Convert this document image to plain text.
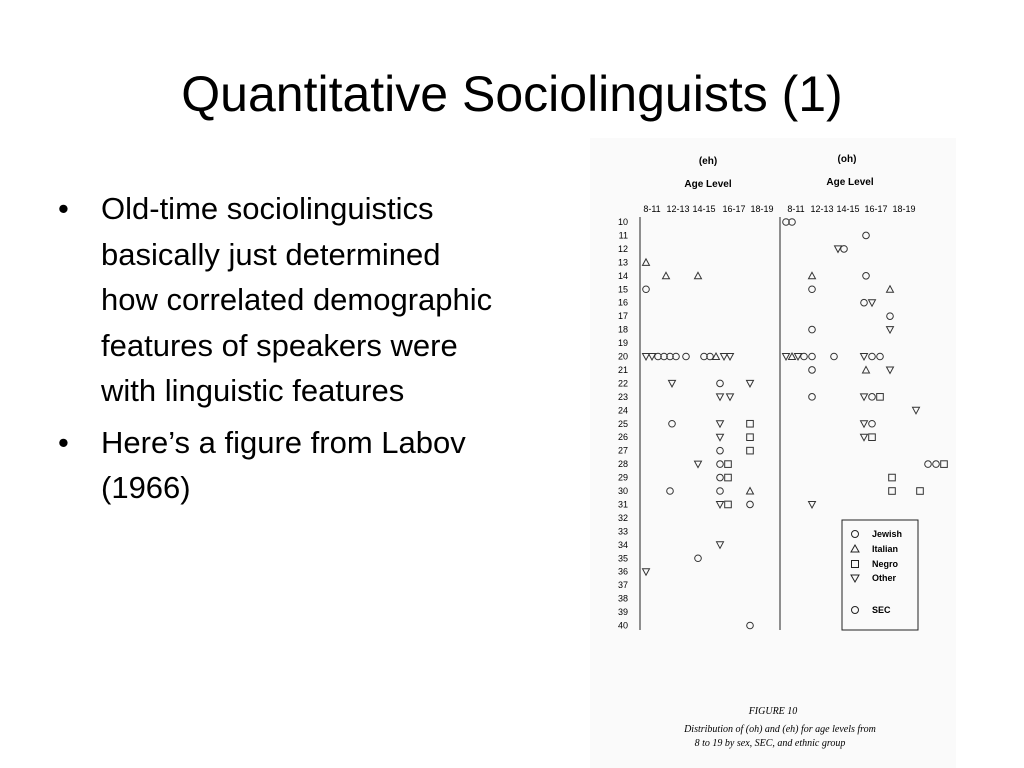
Quantitative Sociolinguists (1)
• Old-time sociolinguistics basically just determined how correlated demographic features of speakers were with linguistic features
• Here’s a figure from Labov (1966)
(eh)	(oh)
Age Level	Age Level
8-11	8-11
12-13	12-13
14-15	14-15
16-17	16-17
18-19	18-19
10
11
12
13
14
15
16
17
18
19
20
21
22
23
24
25
26
27
28
29
30
31
32
33
34
35
36
37
38
39
40
Jewish
Italian
Negro
Other
SEC
FIGURE 10
Distribution of (oh) and (eh) for age levels from
8 to 19 by sex, SEC, and ethnic group
